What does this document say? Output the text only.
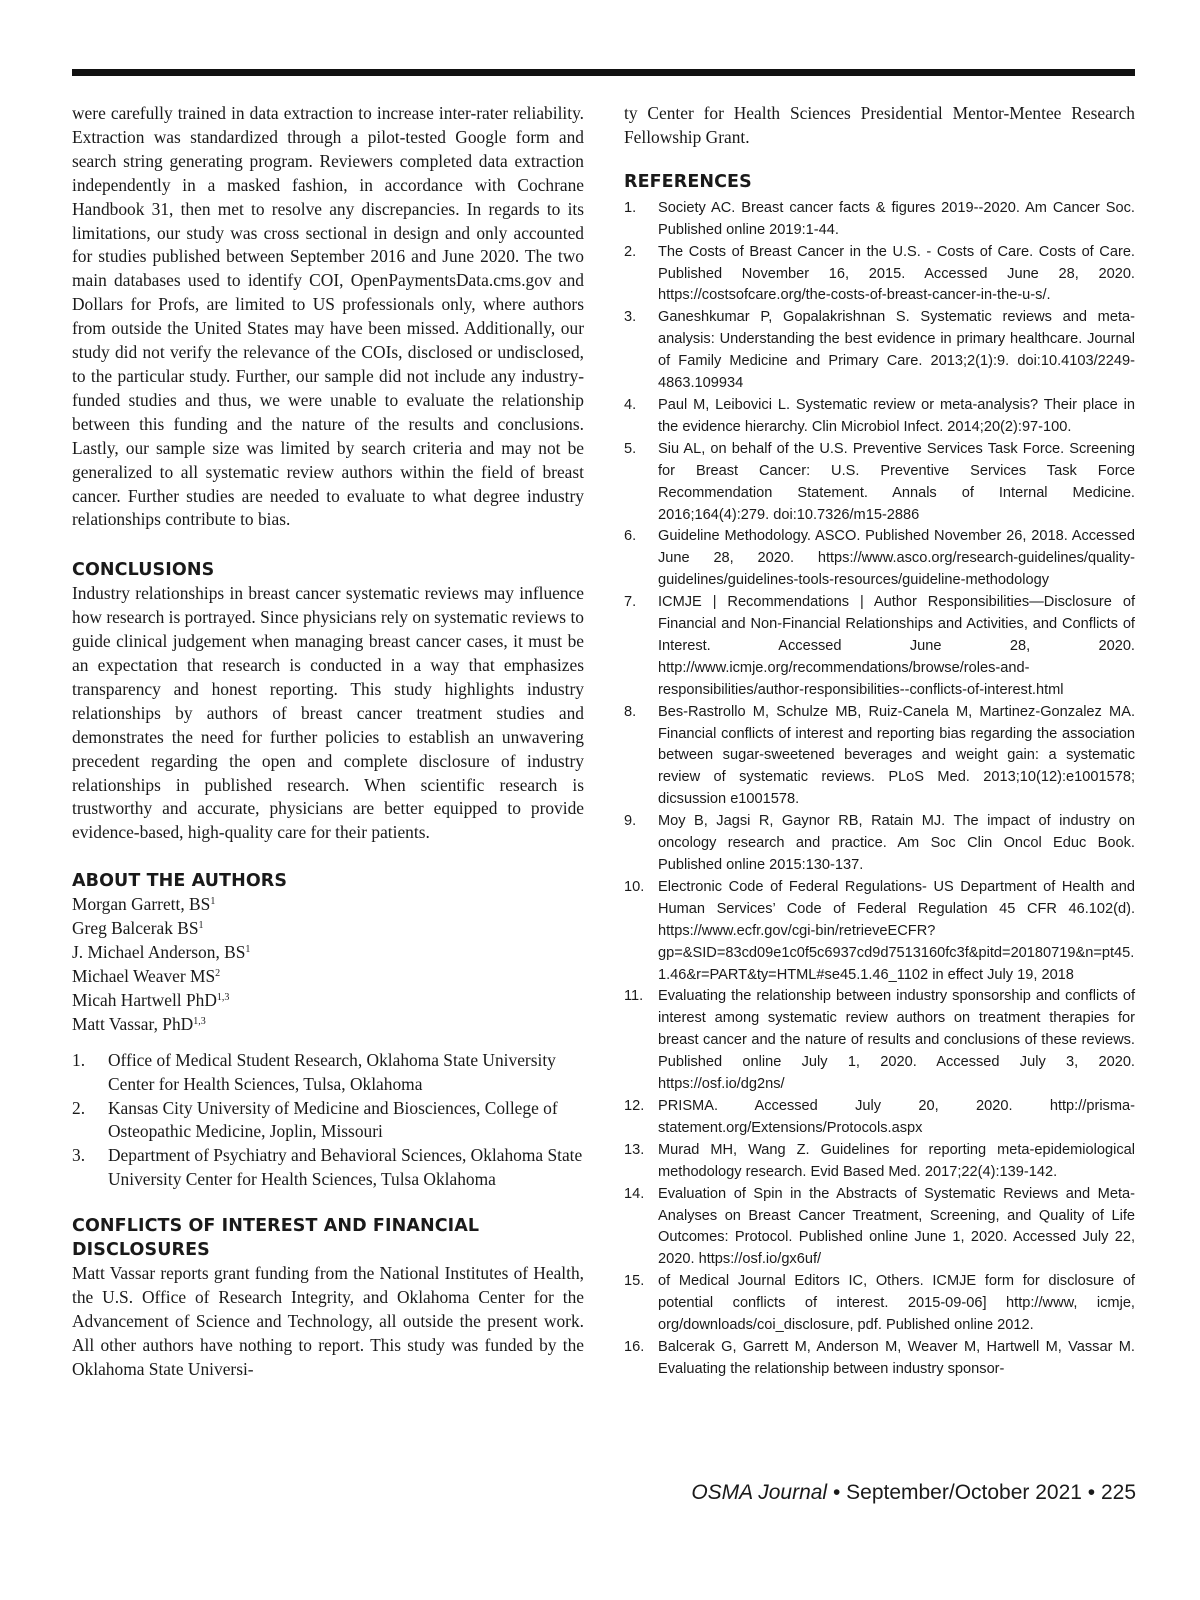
were carefully trained in data extraction to increase inter-rater reliability. Extraction was standardized through a pilot-tested Google form and search string generating program. Reviewers completed data extraction independently in a masked fashion, in accordance with Cochrane Handbook 31, then met to resolve any discrepancies. In regards to its limitations, our study was cross sectional in design and only accounted for studies published between September 2016 and June 2020. The two main databases used to identify COI, OpenPaymentsData.cms.gov and Dollars for Profs, are limited to US professionals only, where authors from outside the United States may have been missed. Additionally, our study did not verify the relevance of the COIs, disclosed or undisclosed, to the particular study. Further, our sample did not include any industry-funded studies and thus, we were unable to evaluate the relationship between this funding and the nature of the results and conclusions. Lastly, our sample size was limited by search criteria and may not be generalized to all systematic review authors within the field of breast cancer. Further studies are needed to evaluate to what degree industry relationships contribute to bias.

CONCLUSIONS

Industry relationships in breast cancer systematic reviews may influence how research is portrayed. Since physicians rely on systematic reviews to guide clinical judgement when managing breast cancer cases, it must be an expectation that research is conducted in a way that emphasizes transparency and honest reporting. This study highlights industry relationships by authors of breast cancer treatment studies and demonstrates the need for further policies to establish an unwavering precedent regarding the open and complete disclosure of industry relationships in published research. When scientific research is trustworthy and accurate, physicians are better equipped to provide evidence-based, high-quality care for their patients.

ABOUT THE AUTHORS
Morgan Garrett, $BS^1$
Greg Balcerak $BS^1$
J. Michael Anderson, $BS^1$
Michael Weaver $MS^2$
Micah Hartwell PhD$^{1,3}$
Matt Vassar, PhD$^{1,3}$
1.	Office of Medical Student Research, Oklahoma State University Center for Health Sciences, Tulsa, Oklahoma
2.	Kansas City University of Medicine and Biosciences, College of Osteopathic Medicine, Joplin, Missouri
3.	Department of Psychiatry and Behavioral Sciences, Oklahoma State University Center for Health Sciences, Tulsa Oklahoma
CONFLICTS OF INTEREST AND FINANCIAL DISCLOSURES

Matt Vassar reports grant funding from the National Institutes of Health, the U.S. Office of Research Integrity, and Oklahoma Center for the Advancement of Science and Technology, all outside the present work. All other authors have nothing to report. This study was funded by the Oklahoma State Universi-

ty Center for Health Sciences Presidential Mentor-Mentee Research Fellowship Grant.

REFERENCES
1.	Society AC. Breast cancer facts & figures 2019--2020. Am Cancer Soc. Published online 2019:1-44.
2.	The Costs of Breast Cancer in the U.S. - Costs of Care. Costs of Care. Published November 16, 2015. Accessed June 28, 2020. https://costsofcare.org/the-costs-of-breast-cancer-in-the-u-s/.
3.	Ganeshkumar P, Gopalakrishnan S. Systematic reviews and meta-analysis: Understanding the best evidence in primary healthcare. Journal of Family Medicine and Primary Care. 2013;2(1):9. doi:10.4103/2249-4863.109934
4.	Paul M, Leibovici L. Systematic review or meta-analysis? Their place in the evidence hierarchy. Clin Microbiol Infect. 2014;20(2):97-100.
5.	Siu AL, on behalf of the U.S. Preventive Services Task Force. Screening for Breast Cancer: U.S. Preventive Services Task Force Recommendation Statement. Annals of Internal Medicine. 2016;164(4):279. doi:10.7326/m15-2886
6.	Guideline Methodology. ASCO. Published November 26, 2018. Accessed June 28, 2020. https://www.asco.org/research-guidelines/quality-guidelines/guidelines-tools-resources/guideline-methodology
7.	ICMJE | Recommendations | Author Responsibilities—Disclosure of Financial and Non-Financial Relationships and Activities, and Conflicts of Interest. Accessed June 28, 2020. http://www.icmje.org/recommendations/browse/roles-and-responsibilities/author-responsibilities--conflicts-of-interest.html
8.	Bes-Rastrollo M, Schulze MB, Ruiz-Canela M, Martinez-Gonzalez MA. Financial conflicts of interest and reporting bias regarding the association between sugar-sweetened beverages and weight gain: a systematic review of systematic reviews. PLoS Med. 2013;10(12):e1001578; dicsussion e1001578.
9.	Moy B, Jagsi R, Gaynor RB, Ratain MJ. The impact of industry on oncology research and practice. Am Soc Clin Oncol Educ Book. Published online 2015:130-137.
10. Electronic Code of Federal Regulations- US Department of Health and Human Services’ Code of Federal Regulation 45 CFR 46.102(d). https://www.ecfr.gov/cgi-bin/retrieveECFR?gp=&SID=83cd09e1c0f5c6937cd9d7513160fc3f&pitd=20180719&n=pt45.1.46&r=PART&ty=HTML#se45.1.46_1102 in effect July 19, 2018
11.	Evaluating the relationship between industry sponsorship and conflicts of interest among systematic review authors on treatment therapies for breast cancer and the nature of results and conclusions of these reviews. Published online July 1, 2020. Accessed July 3, 2020. https://osf.io/dg2ns/
12. PRISMA. Accessed July 20, 2020. http://prisma-statement.org/Extensions/Protocols.aspx
13. Murad MH, Wang Z. Guidelines for reporting meta-epidemiological methodology research. Evid Based Med. 2017;22(4):139-142.
14. Evaluation of Spin in the Abstracts of Systematic Reviews and Meta-Analyses on Breast Cancer Treatment, Screening, and Quality of Life Outcomes: Protocol. Published online June 1, 2020. Accessed July 22, 2020. https://osf.io/gx6uf/
15. of Medical Journal Editors IC, Others. ICMJE form for disclosure of potential conflicts of interest. 2015-09-06] http://www, icmje, org/downloads/coi_disclosure, pdf. Published online 2012.
16. Balcerak G, Garrett M, Anderson M, Weaver M, Hartwell M, Vassar M. Evaluating the relationship between industry sponsor-
OSMA Journal • September/October 2021 • 225
